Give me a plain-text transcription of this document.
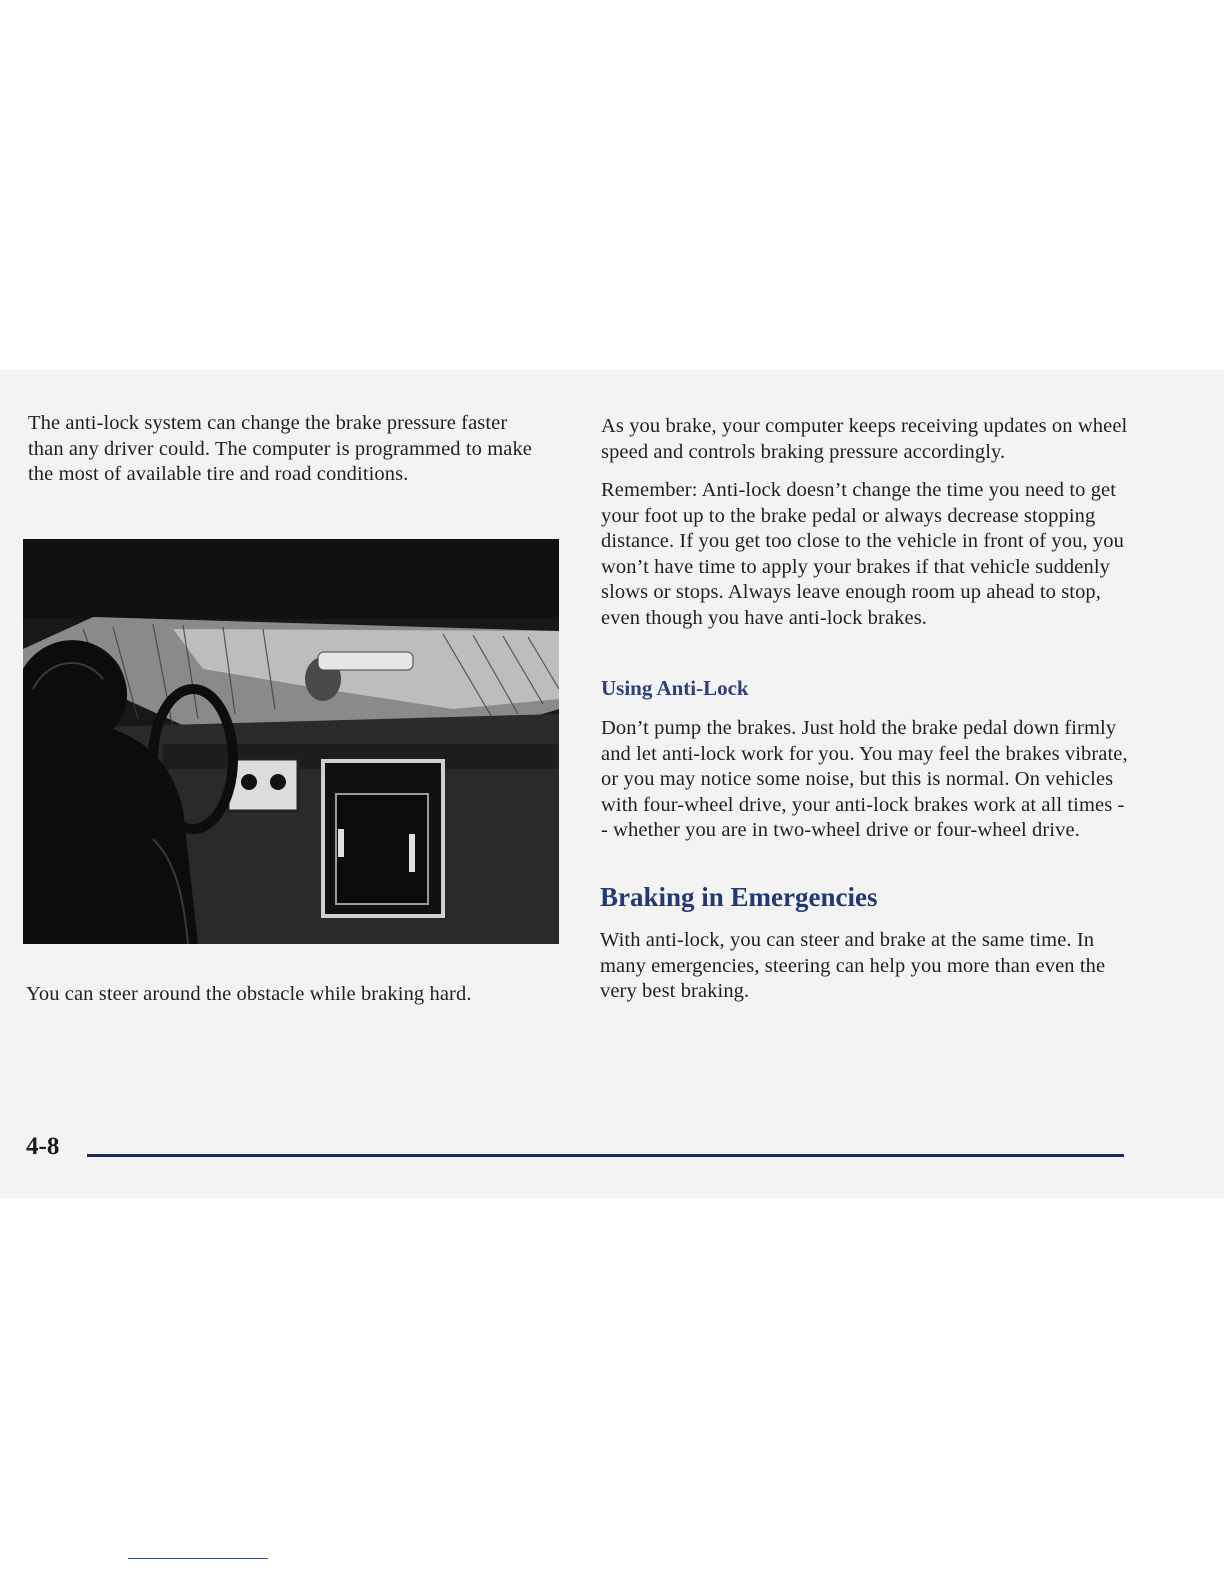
The anti-lock system can change the brake pressure faster than any driver could. The computer is programmed to make the most of available tire and road conditions.

You can steer around the obstacle while braking hard.

As you brake, your computer keeps receiving updates on wheel speed and controls braking pressure accordingly.

Remember: Anti-lock doesn’t change the time you need to get your foot up to the brake pedal or always decrease stopping distance. If you get too close to the vehicle in front of you, you won’t have time to apply your brakes if that vehicle suddenly slows or stops. Always leave enough room up ahead to stop, even though you have anti-lock brakes.

Using Anti-Lock

Don’t pump the brakes. Just hold the brake pedal down firmly and let anti-lock work for you. You may feel the brakes vibrate, or you may notice some noise, but this is normal. On vehicles with four-wheel drive, your anti-lock brakes work at all times -- whether you are in two-wheel drive or four-wheel drive.

Braking in Emergencies

With anti-lock, you can steer and brake at the same time. In many emergencies, steering can help you more than even the very best braking.

4-8
